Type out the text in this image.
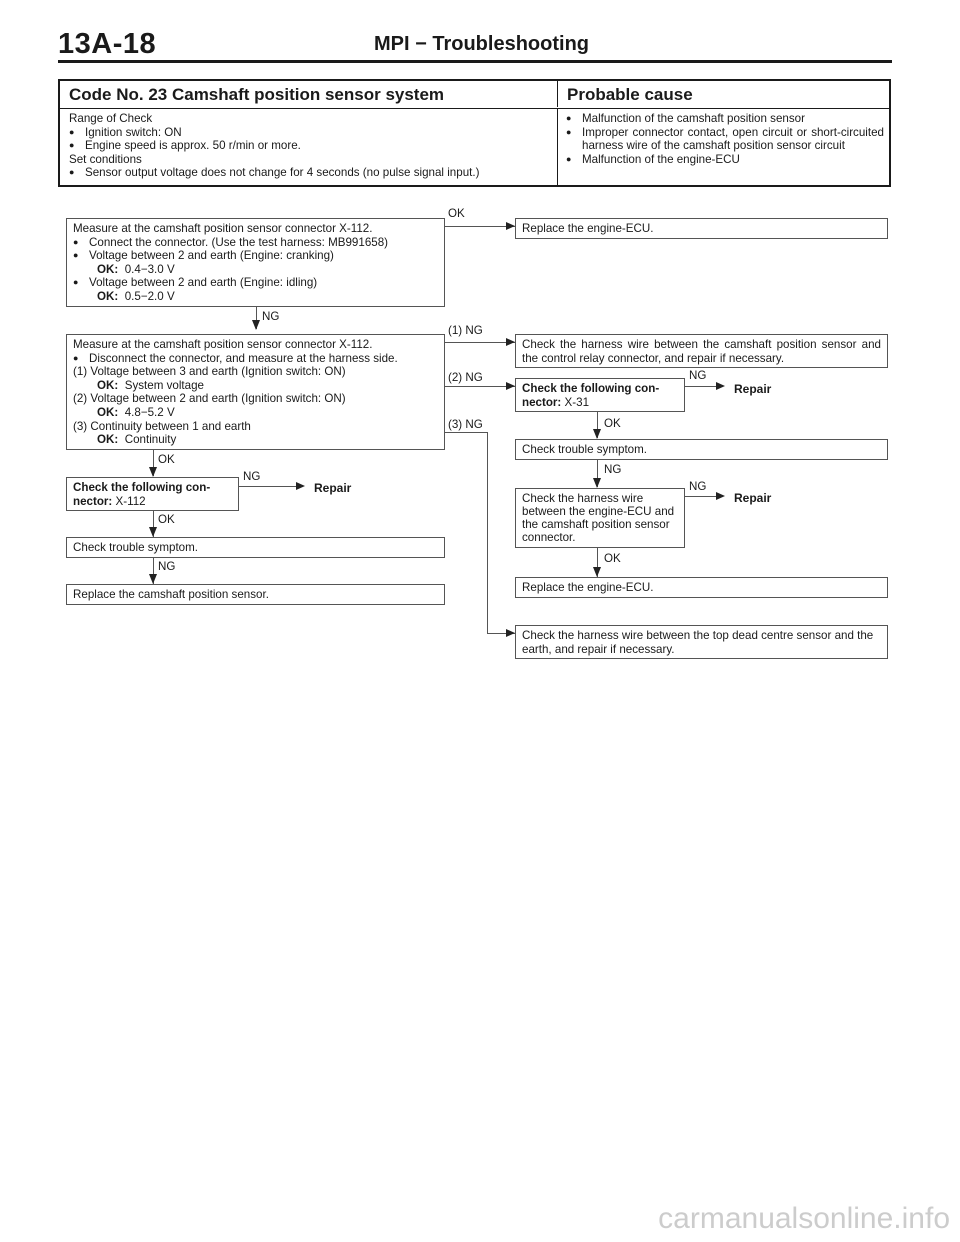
13A-18	MPI − Troubleshooting
Code No. 23 Camshaft position sensor system	Probable cause
Range of Check
● Ignition switch: ON
● Engine speed is approx. 50 r/min or more.
Set conditions
● Sensor output voltage does not change for 4 seconds (no pulse signal input.)
● Malfunction of the camshaft position sensor
● Improper connector contact, open circuit or short-circuited harness wire of the camshaft position sensor circuit
● Malfunction of the engine-ECU
Measure at the camshaft position sensor connector X-112.
● Connect the connector. (Use the test harness: MB991658)
● Voltage between 2 and earth (Engine: cranking)
OK: 0.4−3.0 V
● Voltage between 2 and earth (Engine: idling)
OK: 0.5−2.0 V
OK
Replace the engine-ECU.
NG
Measure at the camshaft position sensor connector X-112.
● Disconnect the connector, and measure at the harness side.
(1) Voltage between 3 and earth (Ignition switch: ON)
OK: System voltage
(2) Voltage between 2 and earth (Ignition switch: ON)
OK: 4.8−5.2 V
(3) Continuity between 1 and earth
OK: Continuity
(1) NG
Check the harness wire between the camshaft position sensor and the control relay connector, and repair if necessary.
(2) NG
Check the following con- nector: X-31
NG
Repair
OK
Check trouble symptom.
NG
Check the harness wire between the engine-ECU and the camshaft position sensor connector.
NG
Repair
OK
Replace the engine-ECU.
(3) NG
Check the harness wire between the top dead centre sensor and the earth, and repair if necessary.
OK
Check the following con- nector: X-112
NG
Repair
OK
Check trouble symptom.
NG
Replace the camshaft position sensor.
carmanualsonline.info
